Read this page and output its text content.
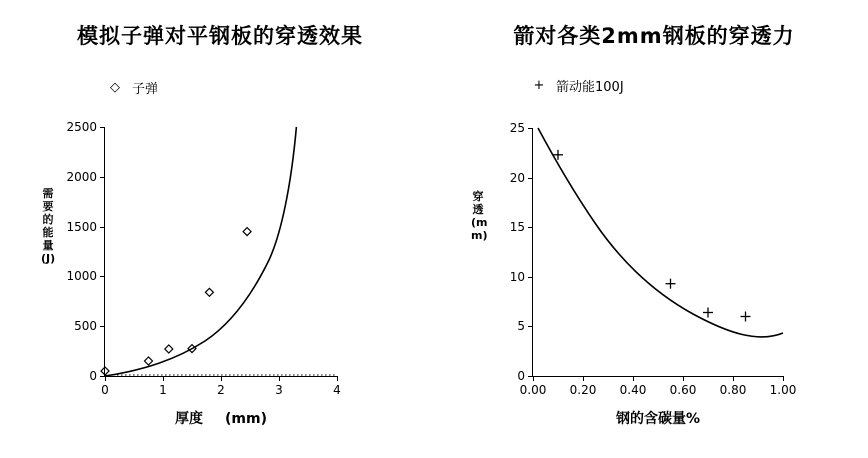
模拟子弹对平钢板的穿透效果
◇ 子弹
0
500
1000
1500
2000
2500
0	1	2	3	4
厚度 (mm)
需要的能量(J)
箭对各类2mm钢板的穿透力
+ 箭动能100J
0
5
10
15
20
25
0.00 0.20 0.40 0.60 0.80 1.00
钢的含碳量%
穿透(mm)
